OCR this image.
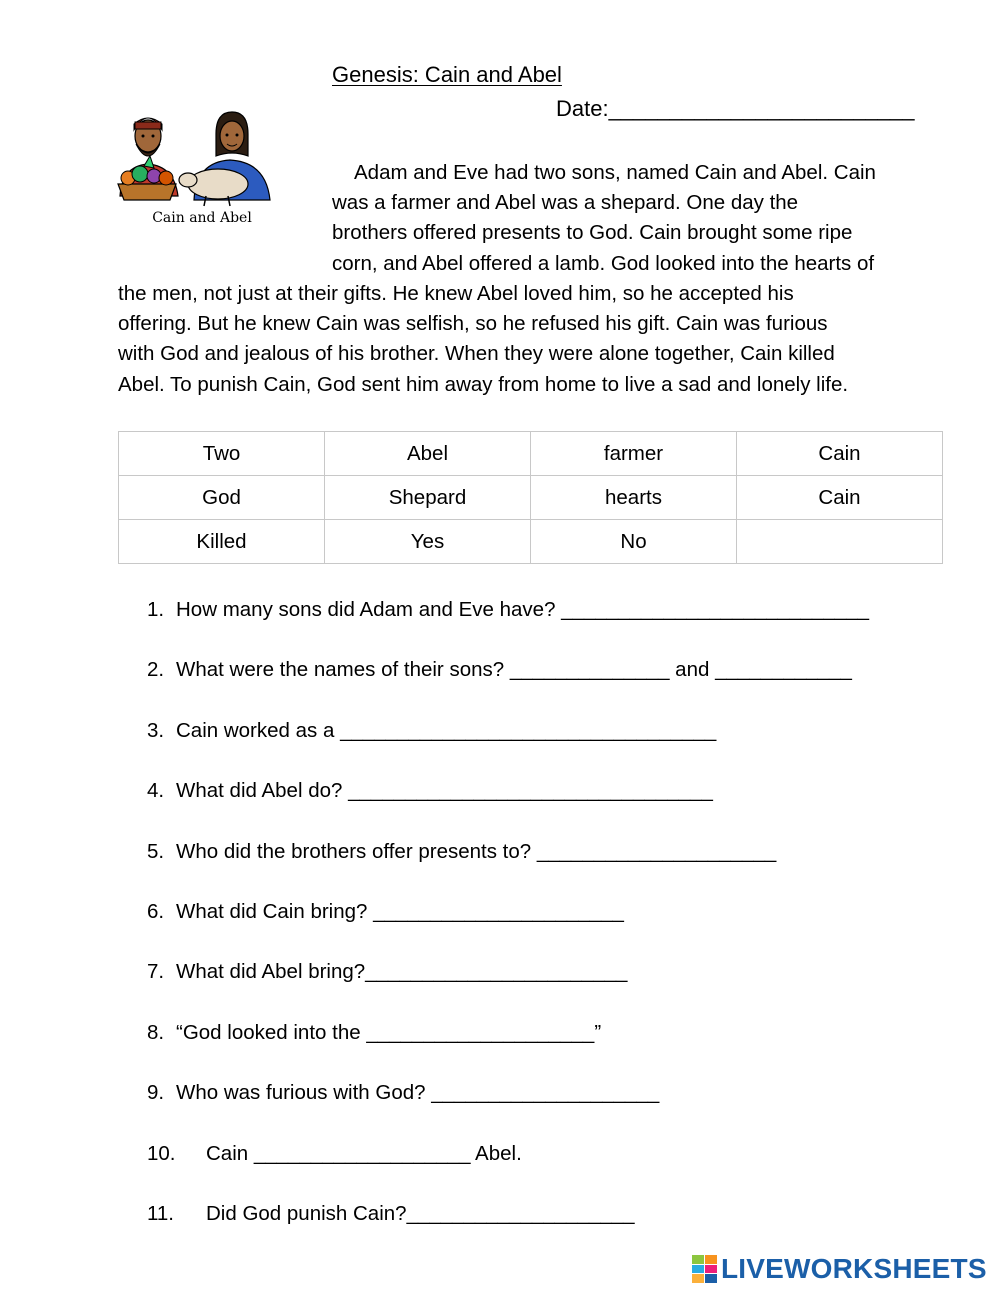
Genesis: Cain and Abel
Date:_________________________
Cain and Abel
Adam and Eve had two sons, named Cain and Abel. Cain
was a farmer and Abel was a shepard. One day the
brothers offered presents to God. Cain brought some ripe
corn, and Abel offered a lamb. God looked into the hearts of
the men, not just at their gifts. He knew Abel loved him, so he accepted his
offering. But he knew Cain was selfish, so he refused his gift. Cain was furious
with God and jealous of his brother. When they were alone together, Cain killed
Abel. To punish Cain, God sent him away from home to live a sad and lonely life.
Two	Abel	farmer	Cain
God	Shepard	hearts	Cain
Killed	Yes	No	
1. How many sons did Adam and Eve have? ___________________________
2. What were the names of their sons? ______________ and ____________
3. Cain worked as a _________________________________
4. What did Abel do? ________________________________
5. Who did the brothers offer presents to? _____________________
6. What did Cain bring? ______________________
7. What did Abel bring?_______________________
8. “God looked into the ____________________”
9. Who was furious with God? ____________________
10. Cain ___________________ Abel.
11. Did God punish Cain?____________________
LIVEWORKSHEETS
